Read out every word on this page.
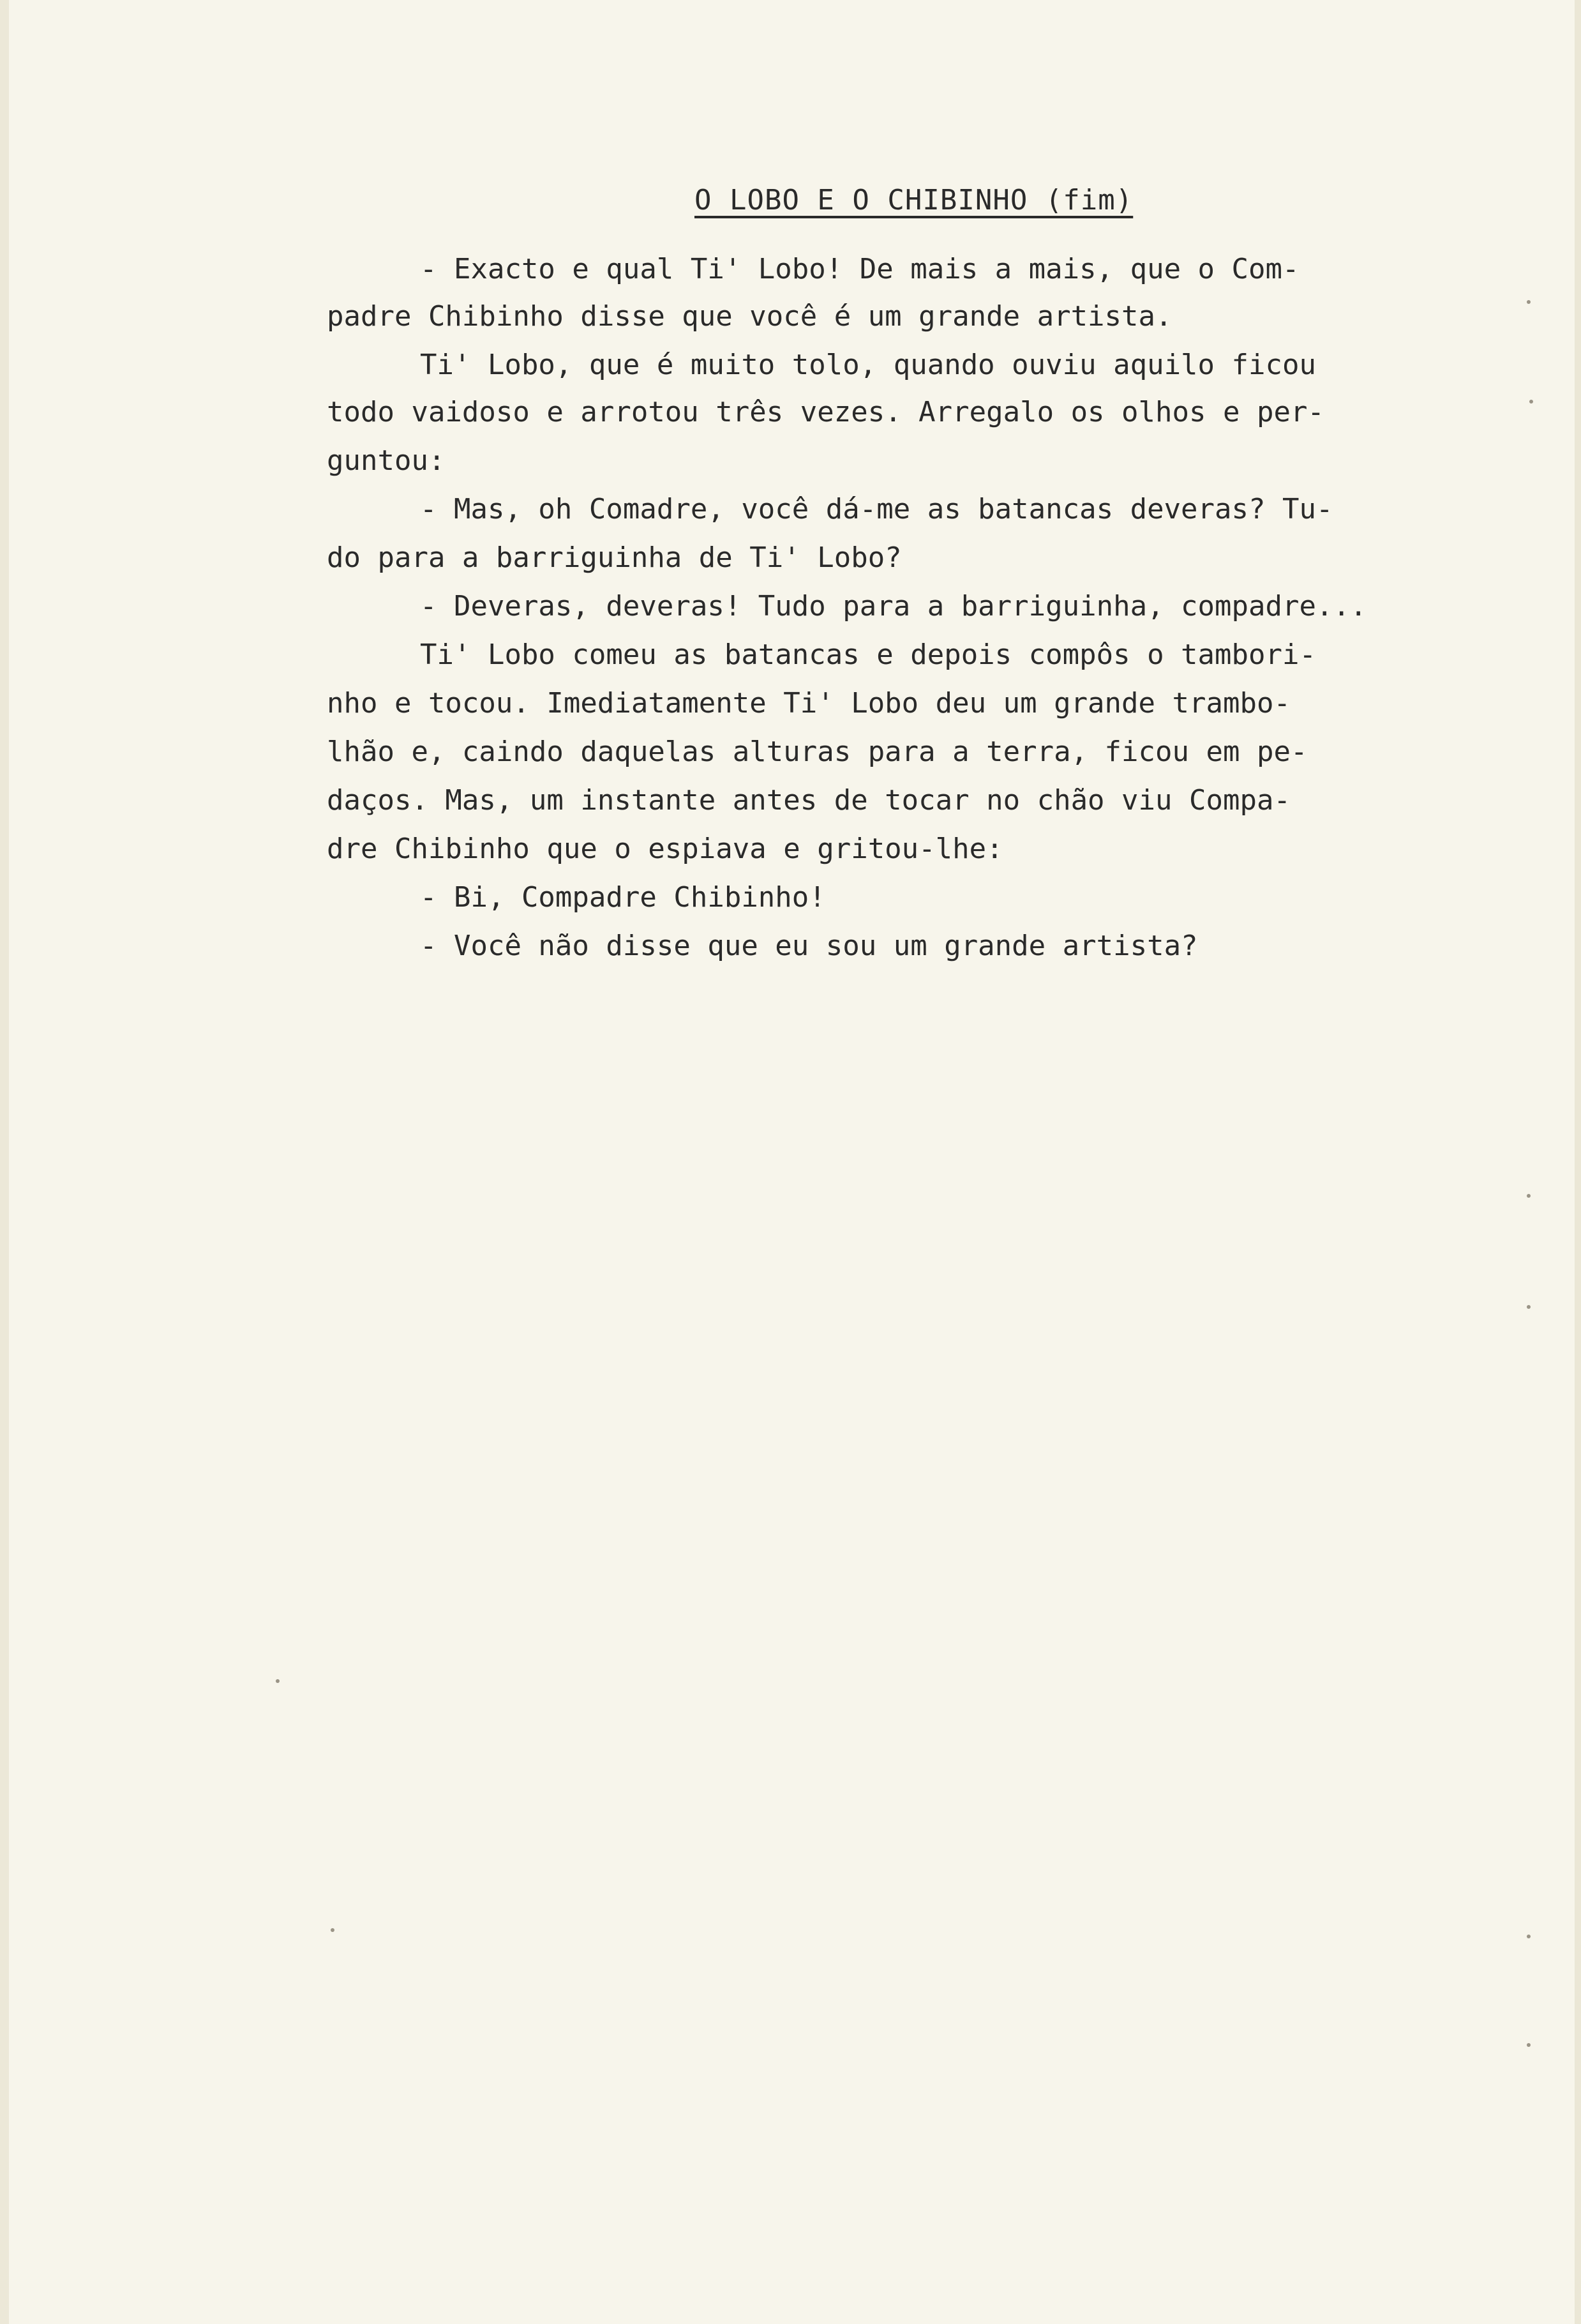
O LOBO E O CHIBINHO (fim)
- Exacto e qual Ti' Lobo! De mais a mais, que o Com-
padre Chibinho disse que você é um grande artista.
Ti' Lobo, que é muito tolo, quando ouviu aquilo ficou
todo vaidoso e arrotou três vezes. Arregalo os olhos e per-
guntou:
- Mas, oh Comadre, você dá-me as batancas deveras? Tu-
do para a barriguinha de Ti' Lobo?
- Deveras, deveras! Tudo para a barriguinha, compadre...
Ti' Lobo comeu as batancas e depois compôs o tambori-
nho e tocou. Imediatamente Ti' Lobo deu um grande trambo-
lhão e, caindo daquelas alturas para a terra, ficou em pe-
daços. Mas, um instante antes de tocar no chão viu Compa-
dre Chibinho que o espiava e gritou-lhe:
- Bi, Compadre Chibinho!
- Você não disse que eu sou um grande artista?
